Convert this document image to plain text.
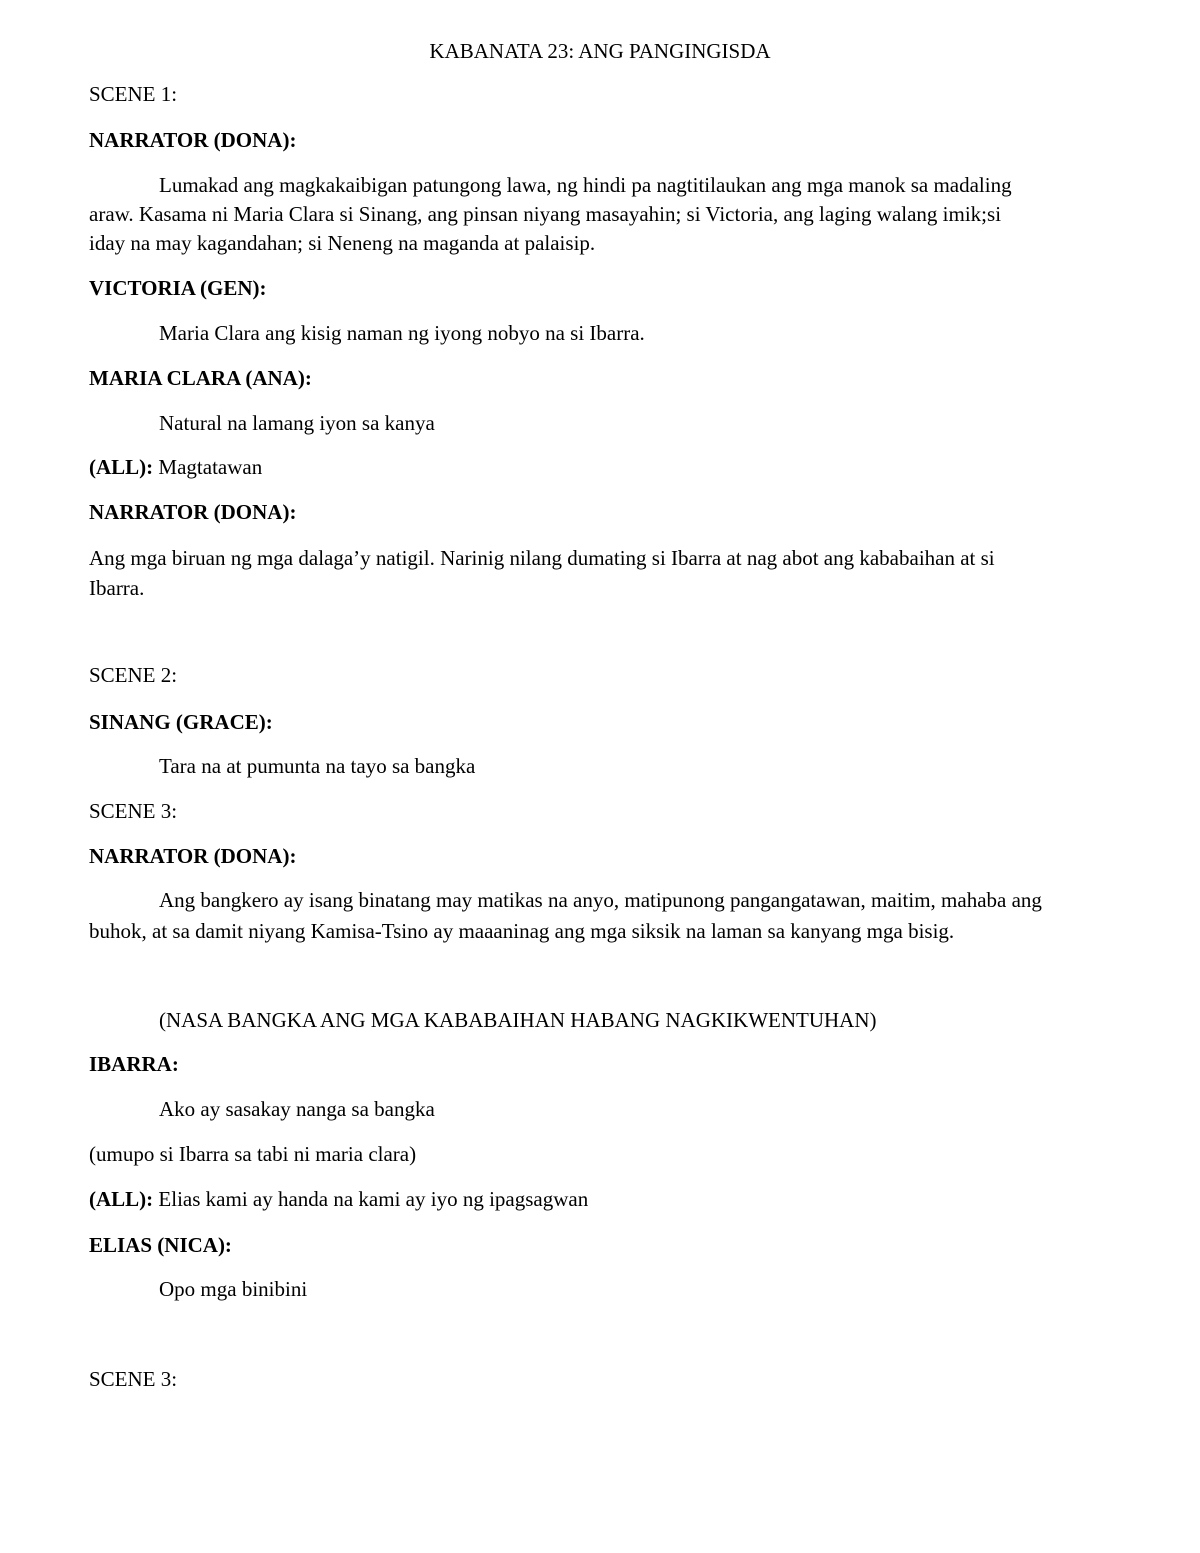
KABANATA 23: ANG PANGINGISDA

SCENE 1:

NARRATOR (DONA):

Lumakad ang magkakaibigan patungong lawa, ng hindi pa nagtitilaukan ang mga manok sa madaling

araw. Kasama ni Maria Clara si Sinang, ang pinsan niyang masayahin; si Victoria, ang laging walang imik;si

iday na may kagandahan; si Neneng na maganda at palaisip.

VICTORIA (GEN):

Maria Clara ang kisig naman ng iyong nobyo na si Ibarra.

MARIA CLARA (ANA):

Natural na lamang iyon sa kanya

(ALL): Magtatawan

NARRATOR (DONA):

Ang mga biruan ng mga dalaga’y natigil. Narinig nilang dumating si Ibarra at nag abot ang kababaihan at si

Ibarra.

SCENE 2:

SINANG (GRACE):

Tara na at pumunta na tayo sa bangka

SCENE 3:

NARRATOR (DONA):

Ang bangkero ay isang binatang may matikas na anyo, matipunong pangangatawan, maitim, mahaba ang

buhok, at sa damit niyang Kamisa-Tsino ay maaaninag ang mga siksik na laman sa kanyang mga bisig.

(NASA BANGKA ANG MGA KABABAIHAN HABANG NAGKIKWENTUHAN)

IBARRA:

Ako ay sasakay nanga sa bangka

(umupo si Ibarra sa tabi ni maria clara)

(ALL): Elias kami ay handa na kami ay iyo ng ipagsagwan

ELIAS (NICA):

Opo mga binibini

SCENE 3:
